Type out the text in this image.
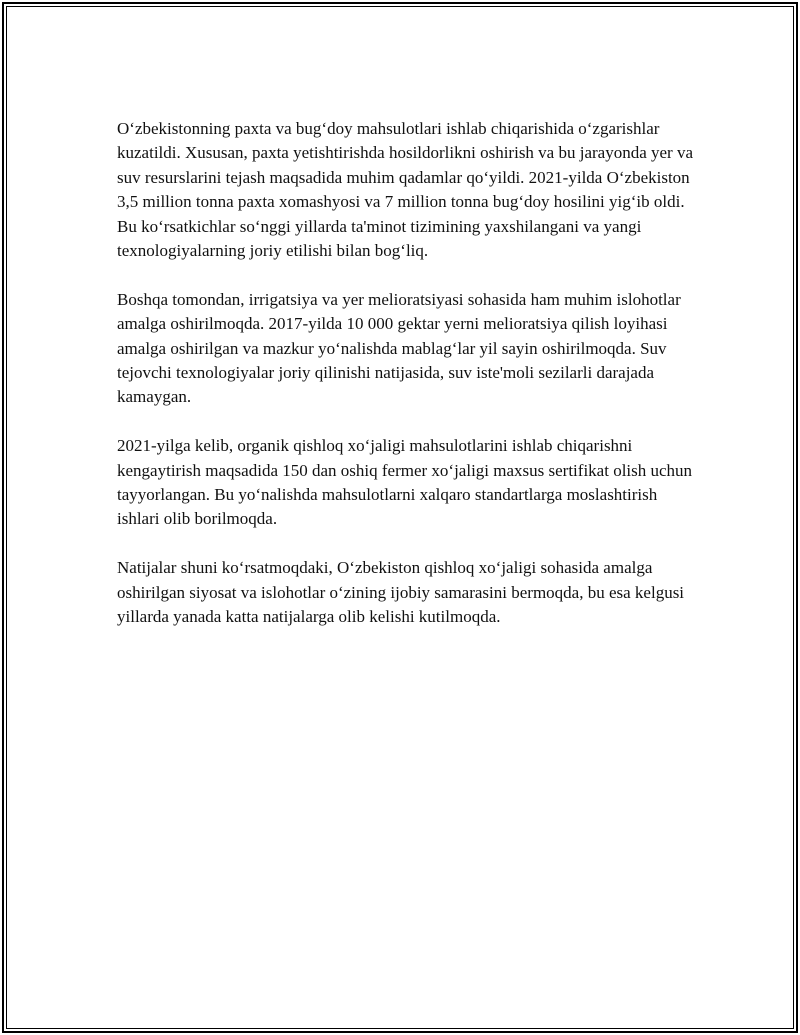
O‘zbekistonning paxta va bug‘doy mahsulotlari ishlab chiqarishida o‘zgarishlar kuzatildi. Xususan, paxta yetishtirishda hosildorlikni oshirish va bu jarayonda yer va suv resurslarini tejash maqsadida muhim qadamlar qo‘yildi. 2021-yilda O‘zbekiston 3,5 million tonna paxta xomashyosi va 7 million tonna bug‘doy hosilini yig‘ib oldi. Bu ko‘rsatkichlar so‘nggi yillarda ta'minot tizimining yaxshilangani va yangi texnologiyalarning joriy etilishi bilan bog‘liq.

Boshqa tomondan, irrigatsiya va yer melioratsiyasi sohasida ham muhim islohotlar amalga oshirilmoqda. 2017-yilda 10 000 gektar yerni melioratsiya qilish loyihasi amalga oshirilgan va mazkur yo‘nalishda mablag‘lar yil sayin oshirilmoqda. Suv tejovchi texnologiyalar joriy qilinishi natijasida, suv iste'moli sezilarli darajada kamaygan.

2021-yilga kelib, organik qishloq xo‘jaligi mahsulotlarini ishlab chiqarishni kengaytirish maqsadida 150 dan oshiq fermer xo‘jaligi maxsus sertifikat olish uchun tayyorlangan. Bu yo‘nalishda mahsulotlarni xalqaro standartlarga moslashtirish ishlari olib borilmoqda.

Natijalar shuni ko‘rsatmoqdaki, O‘zbekiston qishloq xo‘jaligi sohasida amalga oshirilgan siyosat va islohotlar o‘zining ijobiy samarasini bermoqda, bu esa kelgusi yillarda yanada katta natijalarga olib kelishi kutilmoqda.
